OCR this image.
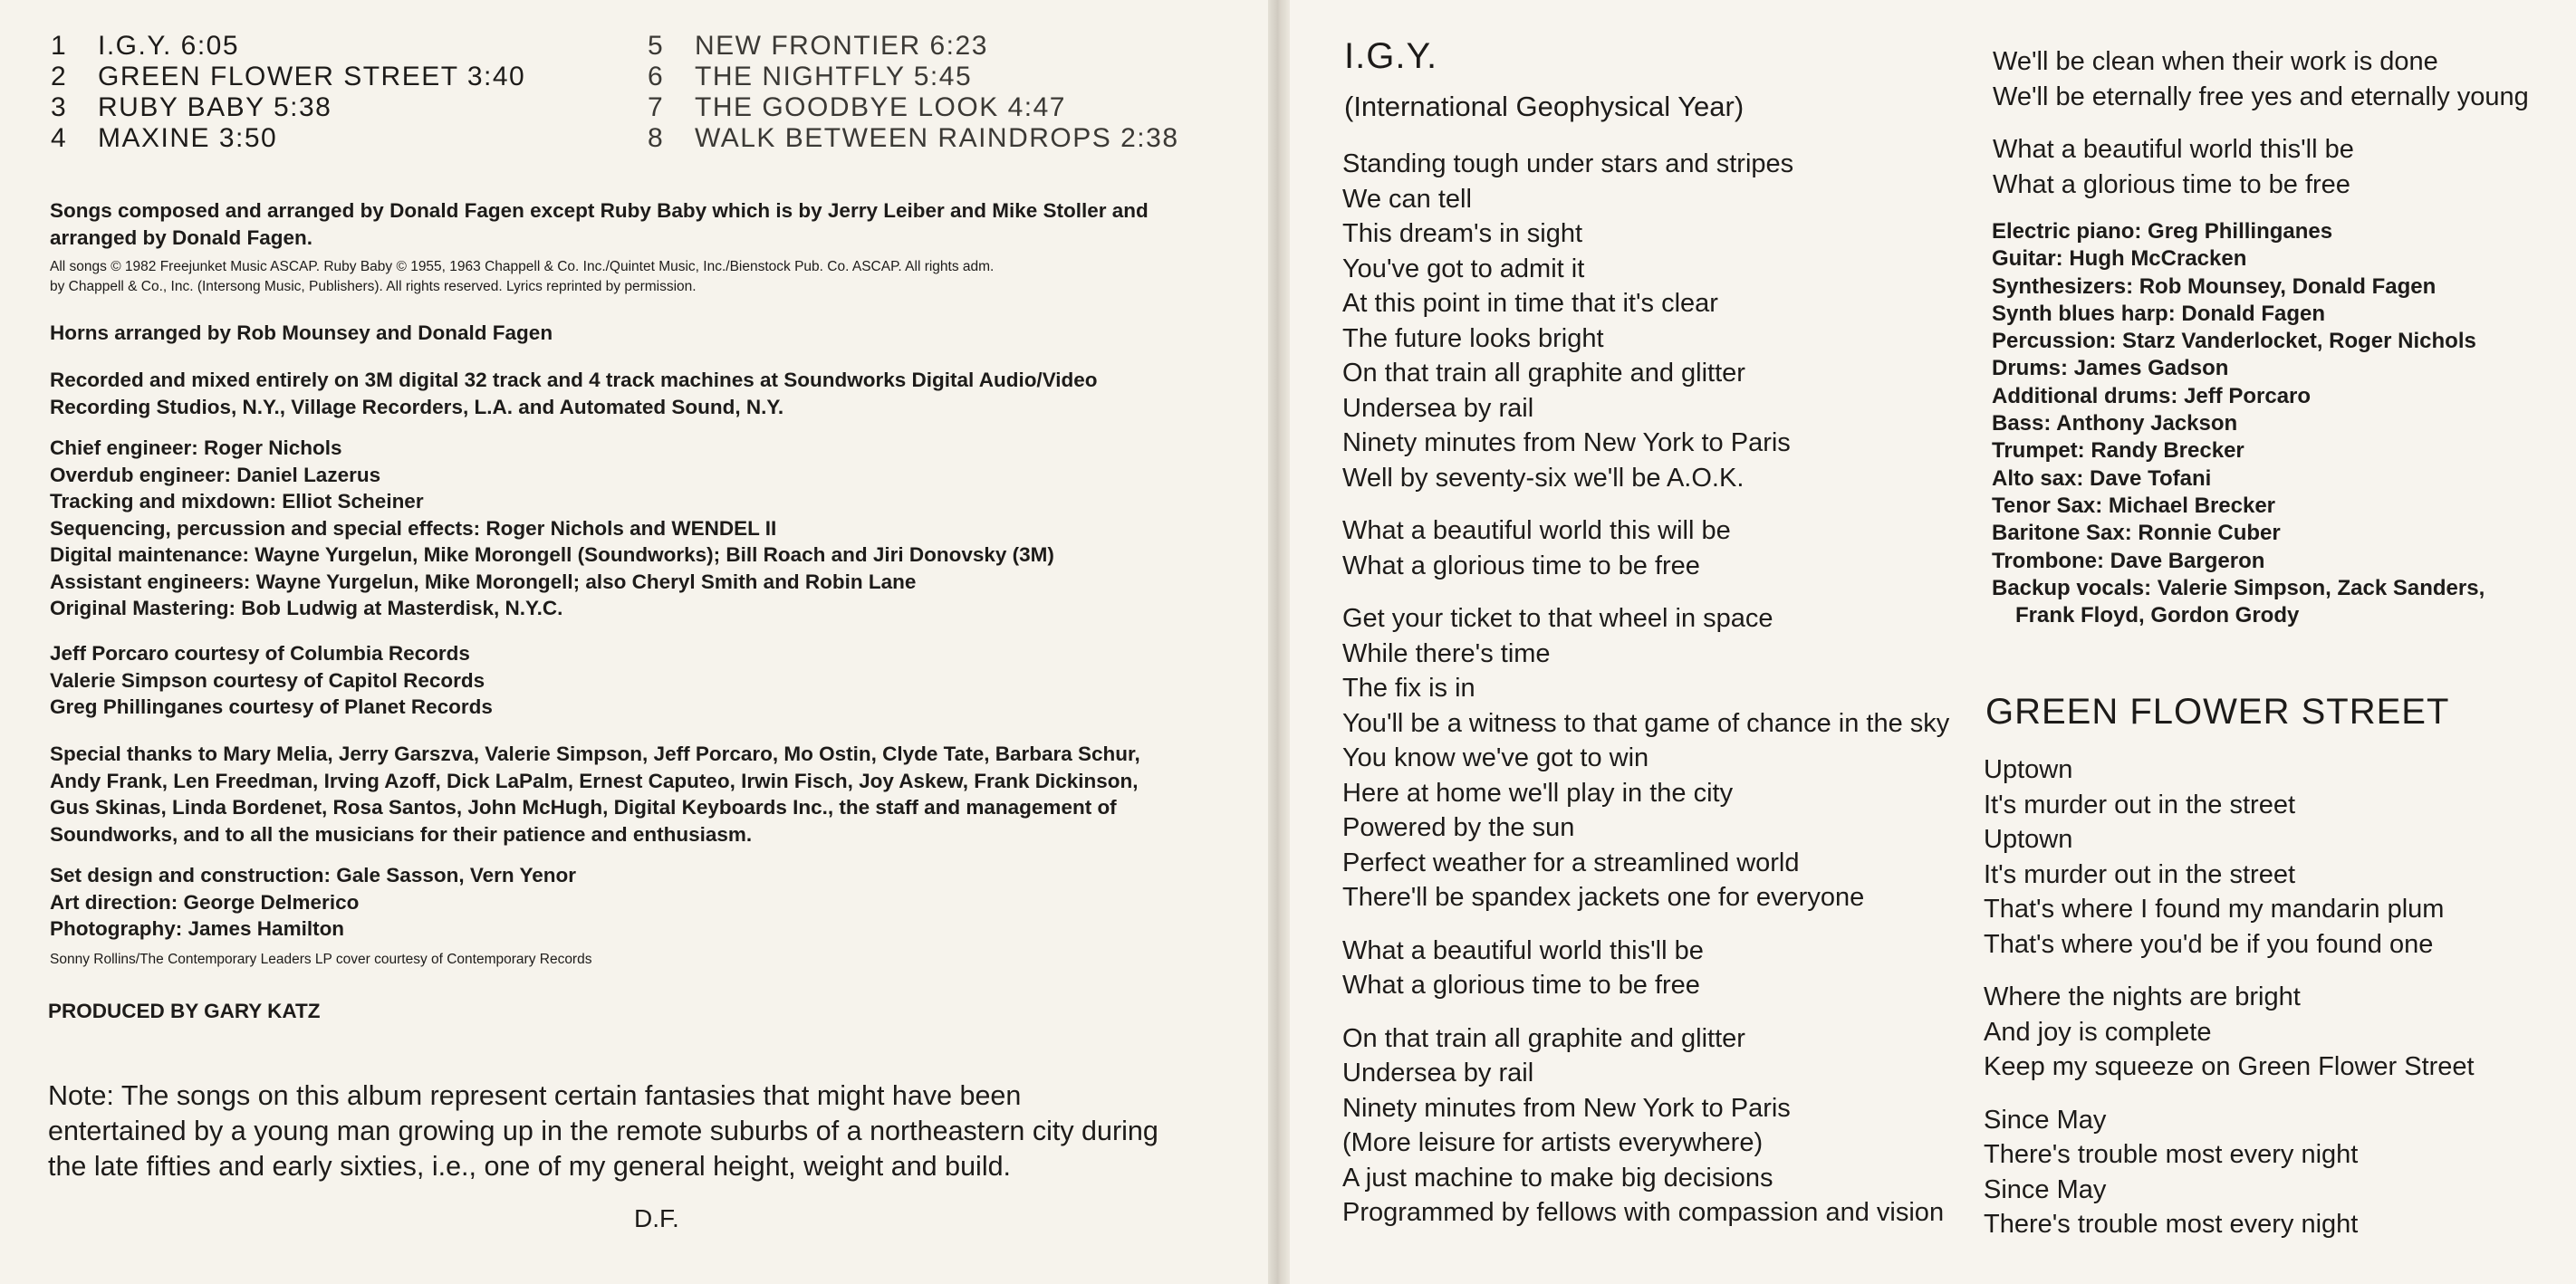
1	I.G.Y. 6:05
2	GREEN FLOWER STREET 3:40
3	RUBY BABY 5:38
4	MAXINE 3:50
5	NEW FRONTIER 6:23
6	THE NIGHTFLY 5:45
7	THE GOODBYE LOOK 4:47
8	WALK BETWEEN RAINDROPS 2:38
Songs composed and arranged by Donald Fagen except Ruby Baby which is by Jerry Leiber and Mike Stoller and
arranged by Donald Fagen.
All songs © 1982 Freejunket Music ASCAP. Ruby Baby © 1955, 1963 Chappell & Co. Inc./Quintet Music, Inc./Bienstock Pub. Co. ASCAP. All rights adm.
by Chappell & Co., Inc. (Intersong Music, Publishers). All rights reserved. Lyrics reprinted by permission.
Horns arranged by Rob Mounsey and Donald Fagen
Recorded and mixed entirely on 3M digital 32 track and 4 track machines at Soundworks Digital Audio/Video
Recording Studios, N.Y., Village Recorders, L.A. and Automated Sound, N.Y.
Chief engineer: Roger Nichols
Overdub engineer: Daniel Lazerus
Tracking and mixdown: Elliot Scheiner
Sequencing, percussion and special effects: Roger Nichols and WENDEL II
Digital maintenance: Wayne Yurgelun, Mike Morongell (Soundworks); Bill Roach and Jiri Donovsky (3M)
Assistant engineers: Wayne Yurgelun, Mike Morongell; also Cheryl Smith and Robin Lane
Original Mastering: Bob Ludwig at Masterdisk, N.Y.C.
Jeff Porcaro courtesy of Columbia Records
Valerie Simpson courtesy of Capitol Records
Greg Phillinganes courtesy of Planet Records
Special thanks to Mary Melia, Jerry Garszva, Valerie Simpson, Jeff Porcaro, Mo Ostin, Clyde Tate, Barbara Schur,
Andy Frank, Len Freedman, Irving Azoff, Dick LaPalm, Ernest Caputeo, Irwin Fisch, Joy Askew, Frank Dickinson,
Gus Skinas, Linda Bordenet, Rosa Santos, John McHugh, Digital Keyboards Inc., the staff and management of
Soundworks, and to all the musicians for their patience and enthusiasm.
Set design and construction: Gale Sasson, Vern Yenor
Art direction: George Delmerico
Photography: James Hamilton
Sonny Rollins/The Contemporary Leaders LP cover courtesy of Contemporary Records
PRODUCED BY GARY KATZ
Note: The songs on this album represent certain fantasies that might have been
entertained by a young man growing up in the remote suburbs of a northeastern city during
the late fifties and early sixties, i.e., one of my general height, weight and build.
D.F.
I.G.Y.
(International Geophysical Year)
Standing tough under stars and stripes
We can tell
This dream's in sight
You've got to admit it
At this point in time that it's clear
The future looks bright
On that train all graphite and glitter
Undersea by rail
Ninety minutes from New York to Paris
Well by seventy-six we'll be A.O.K.
What a beautiful world this will be
What a glorious time to be free
Get your ticket to that wheel in space
While there's time
The fix is in
You'll be a witness to that game of chance in the sky
You know we've got to win
Here at home we'll play in the city
Powered by the sun
Perfect weather for a streamlined world
There'll be spandex jackets one for everyone
What a beautiful world this'll be
What a glorious time to be free
On that train all graphite and glitter
Undersea by rail
Ninety minutes from New York to Paris
(More leisure for artists everywhere)
A just machine to make big decisions
Programmed by fellows with compassion and vision
We'll be clean when their work is done
We'll be eternally free yes and eternally young
What a beautiful world this'll be
What a glorious time to be free
Electric piano: Greg Phillinganes
Guitar: Hugh McCracken
Synthesizers: Rob Mounsey, Donald Fagen
Synth blues harp: Donald Fagen
Percussion: Starz Vanderlocket, Roger Nichols
Drums: James Gadson
Additional drums: Jeff Porcaro
Bass: Anthony Jackson
Trumpet: Randy Brecker
Alto sax: Dave Tofani
Tenor Sax: Michael Brecker
Baritone Sax: Ronnie Cuber
Trombone: Dave Bargeron
Backup vocals: Valerie Simpson, Zack Sanders,
Frank Floyd, Gordon Grody
GREEN FLOWER STREET
Uptown
It's murder out in the street
Uptown
It's murder out in the street
That's where I found my mandarin plum
That's where you'd be if you found one
Where the nights are bright
And joy is complete
Keep my squeeze on Green Flower Street
Since May
There's trouble most every night
Since May
There's trouble most every night
